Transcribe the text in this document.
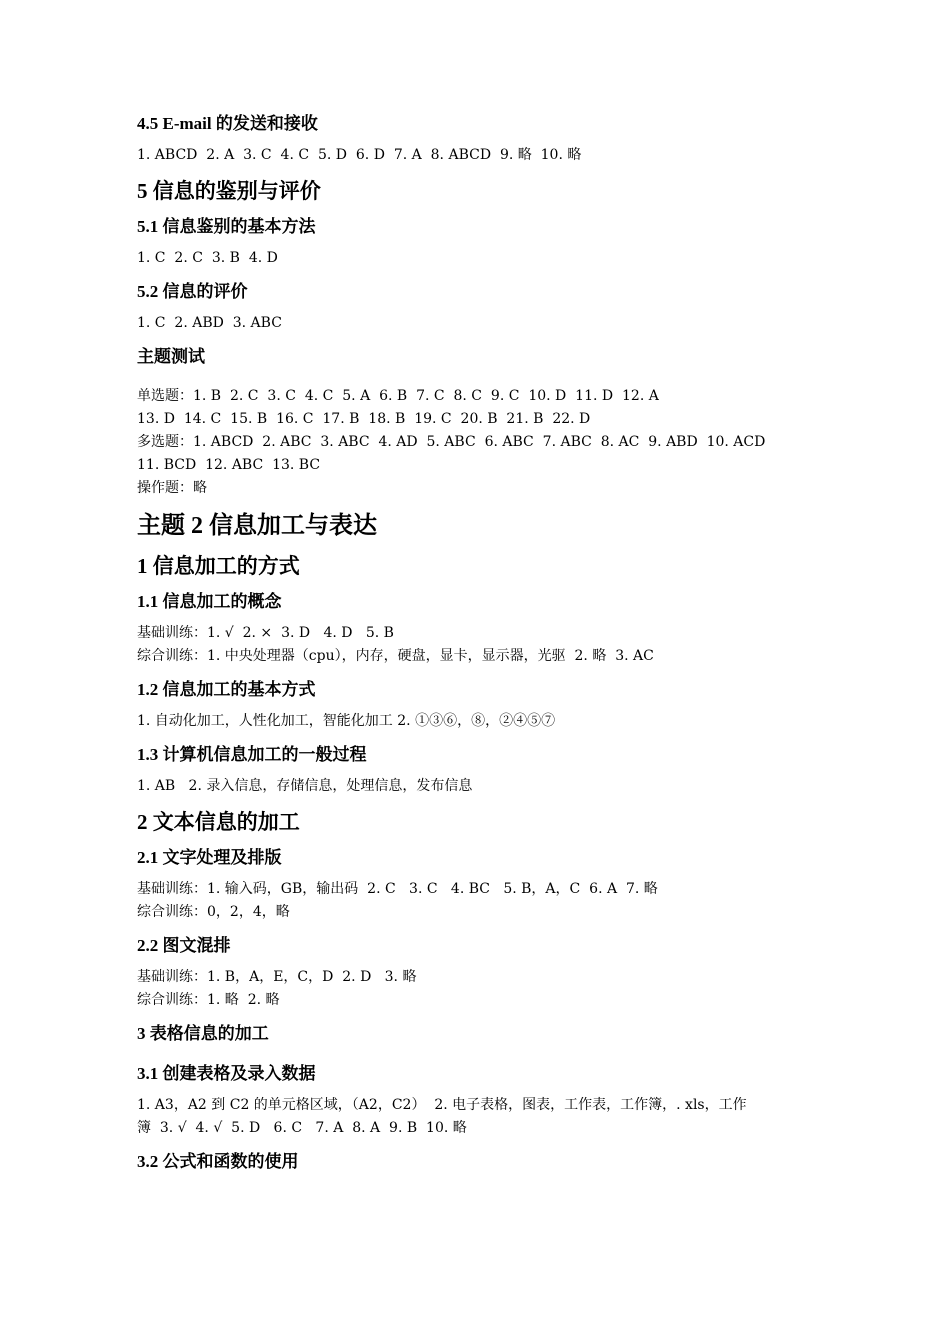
4.5 E-mail 的发送和接收
1. ABCD  2. A  3. C  4. C  5. D  6. D  7. A  8. ABCD  9. 略  10. 略
5 信息的鉴别与评价
5.1 信息鉴别的基本方法
1. C  2. C  3. B  4. D
5.2 信息的评价
1. C  2. ABD  3. ABC
主题测试
单选题：1. B  2. C  3. C  4. C  5. A  6. B  7. C  8. C  9. C  10. D  11. D  12. A
13. D  14. C  15. B  16. C  17. B  18. B  19. C  20. B  21. B  22. D
多选题：1. ABCD  2. ABC  3. ABC  4. AD  5. ABC  6. ABC  7. ABC  8. AC  9. ABD  10. ACD
11. BCD  12. ABC  13. BC
操作题：略
主题 2 信息加工与表达
1 信息加工的方式
1.1 信息加工的概念
基础训练：1. √  2. ×  3. D   4. D   5. B
综合训练：1. 中央处理器（cpu），内存，硬盘，显卡，显示器，光驱  2. 略  3. AC
1.2 信息加工的基本方式
1. 自动化加工，人性化加工，智能化加工 2. ①③⑥，⑧，②④⑤⑦
1.3 计算机信息加工的一般过程
1. AB   2. 录入信息，存储信息，处理信息，发布信息
2 文本信息的加工
2.1 文字处理及排版
基础训练：1. 输入码，GB，输出码  2. C   3. C   4. BC   5. B，A，C  6. A  7. 略
综合训练：0，2，4，略
2.2 图文混排
基础训练：1. B，A，E，C，D  2. D   3. 略
综合训练：1. 略  2. 略
3 表格信息的加工
3.1 创建表格及录入数据
1. A3，A2 到 C2 的单元格区域，（A2，C2）  2. 电子表格，图表，工作表，工作簿，. xls，工作
簿  3. √  4. √  5. D   6. C   7. A  8. A  9. B  10. 略
3.2 公式和函数的使用
